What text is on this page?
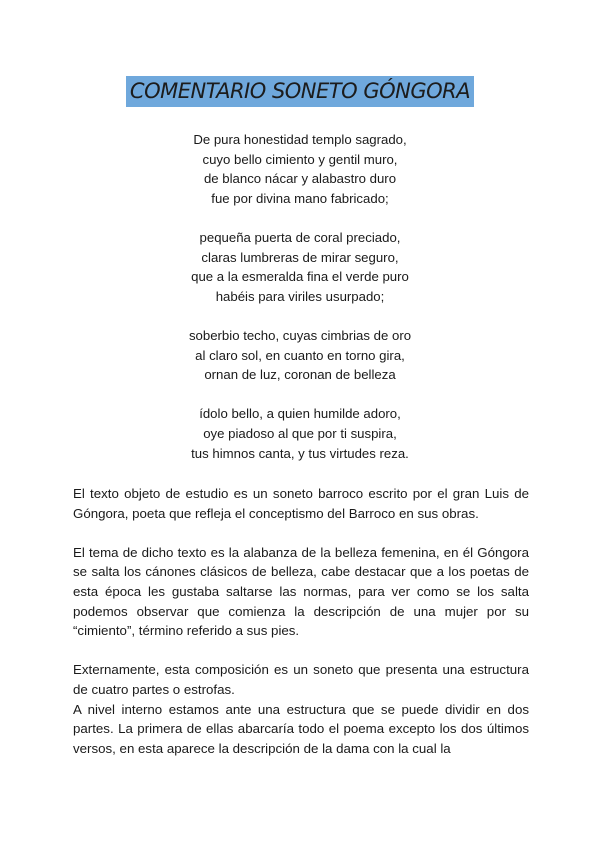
COMENTARIO SONETO GÓNGORA
De pura honestidad templo sagrado,
cuyo bello cimiento y gentil muro,
de blanco nácar y alabastro duro
fue por divina mano fabricado;
pequeña puerta de coral preciado,
claras lumbreras de mirar seguro,
que a la esmeralda fina el verde puro
habéis para viriles usurpado;
soberbio techo, cuyas cimbrias de oro
al claro sol, en cuanto en torno gira,
ornan de luz, coronan de belleza
ídolo bello, a quien humilde adoro,
oye piadoso al que por ti suspira,
tus himnos canta, y tus virtudes reza.

El texto objeto de estudio es un soneto barroco escrito por el gran Luis de Góngora, poeta que refleja el conceptismo del Barroco en sus obras.

El tema de dicho texto es la alabanza de la belleza femenina, en él Góngora se salta los cánones clásicos de belleza, cabe destacar que a los poetas de esta época les gustaba saltarse las normas, para ver como se los salta podemos observar que comienza la descripción de una mujer por su “cimiento”, término referido a sus pies.

Externamente, esta composición es un soneto que presenta una estructura de cuatro partes o estrofas.

A nivel interno estamos ante una estructura que se puede dividir en dos partes. La primera de ellas abarcaría todo el poema excepto los dos últimos versos, en esta aparece la descripción de la dama con la cual la
